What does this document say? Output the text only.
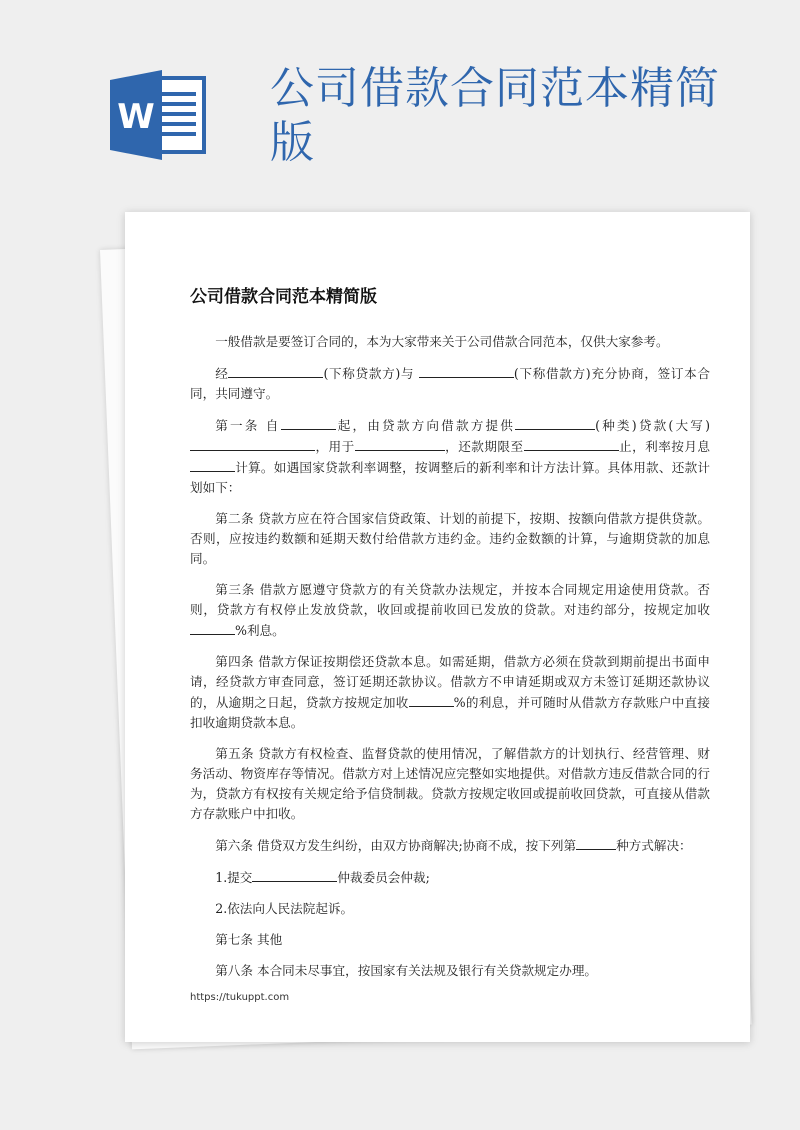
W
公司借款合同范本精简版
公司借款合同范本精简版

一般借款是要签订合同的，本为大家带来关于公司借款合同范本，仅供大家参考。

经	(下称贷款方)与	(下称借款方)充分协商，签订本合同，共同遵守。

第一条 自	起，由贷款方向借款方提供	(种类)贷款(大写)，用于	，还款期限至	止，利率按月息计算。如遇国家贷款利率调整，按调整后的新利率和计方法计算。具体用款、还款计划如下：

第二条 贷款方应在符合国家信贷政策、计划的前提下，按期、按额向借款方提供贷款。否则，应按违约数额和延期天数付给借款方违约金。违约金数额的计算，与逾期贷款的加息同。

第三条 借款方愿遵守贷款方的有关贷款办法规定，并按本合同规定用途使用贷款。否则，贷款方有权停止发放贷款，收回或提前收回已发放的贷款。对违约部分，按规定加收%利息。

第四条 借款方保证按期偿还贷款本息。如需延期，借款方必须在贷款到期前提出书面申请，经贷款方审查同意，签订延期还款协议。借款方不申请延期或双方未签订延期还款协议的，从逾期之日起，贷款方按规定加收	%的利息，并可随时从借款方存款账户中直接扣收逾期贷款本息。

第五条 贷款方有权检查、监督贷款的使用情况，了解借款方的计划执行、经营管理、财务活动、物资库存等情况。借款方对上述情况应完整如实地提供。对借款方违反借款合同的行为，贷款方有权按有关规定给予信贷制裁。贷款方按规定收回或提前收回贷款，可直接从借款方存款账户中扣收。

第六条 借贷双方发生纠纷，由双方协商解决;协商不成，按下列第	种方式解决：

1.提交	仲裁委员会仲裁;

2.依法向人民法院起诉。

第七条 其他

第八条 本合同未尽事宜，按国家有关法规及银行有关贷款规定办理。

https://tukuppt.com
